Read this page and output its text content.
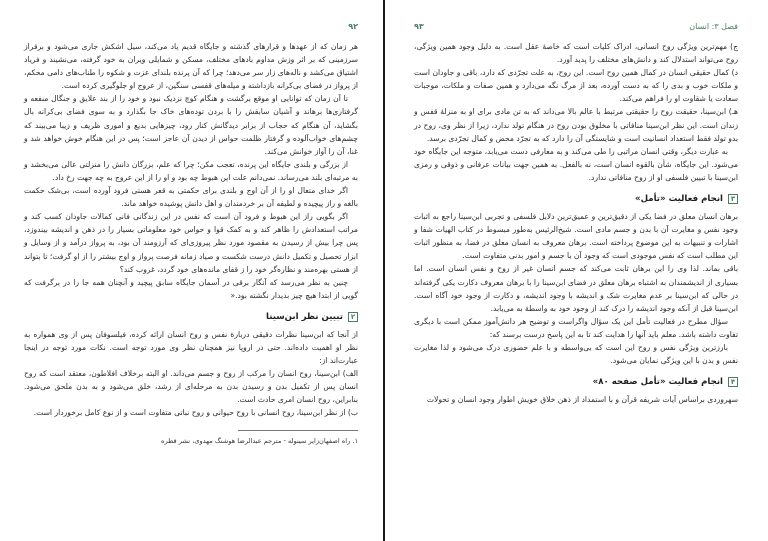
۹۲

هر زمان که از عهدها و قرارهای گذشته و جایگاه قدیم یاد می‌کند، سیل اشکش جاری می‌شود و برفراز سرزمینی که بر اثر وزش مداوم بادهای مختلف، مسکن و شمایلی ویران به خود گرفته، می‌نشیند و فریاد اشتیاق می‌کشد و ناله‌های زار سر می‌دهد؛ چرا که آن پرنده بلندای عزت و شکوه را طناب‌های دامی محکم، از پرواز در فضای بی‌کرانه بازداشته و میله‌های قفسی سنگین، از عروج او جلوگیری کرده است.

تا آن زمان که توانایی او موقع برگشت و هنگام کوچ نزدیک نبود و خود را از بند علایق و جنگال منفعه و گرفتاری‌ها برهاند و آشیان سابقش را با بردن توده‌های خاک جا بگذارد و به سوی فضای بی‌کرانه بال بگشاید، آن هنگام که حجاب از برابر دیدگانش کنار رود، چیزهایی بدیع و اموری ظریف و زیبا می‌بیند که چشم‌های خواب‌آلوده و گرفتار ظلمت حواس از دیدن آن عاجز است؛ پس در این هنگام خوش خواهد شد و غنا، آن را آواز خوانش می‌کند.

از بزرگی و بلندی جایگاه این پرنده، تعجب مکن؛ چرا که علم، بزرگان دانش را منزلتی عالی می‌بخشد و به مرتبه‌ای بلند می‌رساند. نمی‌دانم علت این هبوط چه بود و او را از این عروج به چه جهت رخ داد.

اگر خدای متعال او را از آن اوج و بلندی برای حکمتی به قعر هستی فرود آورده است، بی‌شک حکمت بالغه و راز پیچیده و لطیفه آن بر خردمندان و اهل دانش پوشیده خواهد ماند.

اگر بگویی راز این هبوط و فرود آن است که نفس در این زندگانی فانی کمالات جاودان کسب کند و مراتب استعدادش را ظاهر کند و به کمک قوا و حواس خود معلوماتی بسیار را در ذهن و اندیشه بیندوزد، پس چرا بیش از رسیدن به مقصود مورد نظر پیروزی‌ای که آرزومند آن بود، به پرواز درآمد و از وسایل و ابزار تحصیل و تکمیل دانش درست شکست و صیاد زمانه فرصت پرواز و اوج بیشتر را از او گرفت؛ تا بتواند از هستی بهره‌مند و نظاره‌گر خود را ز قفای مانده‌های خود گردد، غروب کند؟

چنین به نظر می‌رسد که آنگار برقی در آسمان جایگاه سابق پیچید و آنچنان همه جا را در برگرفت که گویی از ابتدا هیچ چیز بدیدار نگشته بود.«

۲
تبیین نظر ابن‌سینا

از آنجا که ابن‌سینا نظرات دقیقی دربارهٔ نفس و روح انسان ارائه کرده، فیلسوفان پس از وی همواره به نظر او اهمیت داده‌اند. حتی در اروپا نیز همچنان نظر وی مورد توجه است. نکات مورد توجه در اینجا عبارت‌اند از:

الف) ابن‌سینا، روح انسان را مرکب از روح و جسم می‌داند. او البته برخلاف افلاطون، معتقد است که روح انسان پس از تکمیل بدن و رسیدن بدن به مرحله‌ای از رشد، خلق می‌شود و به بدن ملحق می‌شود. بنابراین، روح انسان امری حادث است.

ب) از نظر ابن‌سینا، روح انسانی با روح حیوانی و روح نباتی متفاوت است و از نوع کامل برخوردار است.

۱. راه اصفهان‌زایر سینوله - مترجم عبدالرضا هوشنگ مهدوی، نشر قطره

فصل ۳: انسان
۹۳

ج) مهم‌ترین ویژگی روح انسانی، ادراک کلیات است که خاصهٔ عقل است. به دلیل وجود همین ویژگی، روح می‌تواند استدلال کند و دانش‌های مختلف را پدید آورد.

د) کمال حقیقی انسان در کمال همین روح است. این روح، به علت تجرّدی که دارد، باقی و جاودان است و ملکات خوب و بدی را که به دست آورده، بعد از مرگ نگه می‌دارد و همین صفات و ملکات، موجبات سعادت یا شقاوت او را فراهم می‌کند.

هـ) ابن‌سینا، حقیقت روح را حقیقتی مرتبط با عالم بالا می‌داند که به تن مادی برای او به منزلهٔ قفس و زندان است. این نظر ابن‌سینا منافاتی با مخلوق بودن روح در هنگام تولد ندارد، زیرا از نظر وی، روح در بدو تولد فقط استعداد انسانیت است و شایستگی آن را دارد که به تجرّد محض و کمال تجرّدی برسد.

به عبارت دیگر، وقتی انسان مراتبی را طی می‌کند و به معارفی دست می‌یابد، متوجه این جایگاه خود می‌شود. این جایگاه، شأن بالقوه انسان است، نه بالفعل. به همین جهت بیانات عرفانی و ذوقی و رمزی ابن‌سینا با تبیین فلسفی او از روح منافاتی ندارد.

۳
انجام فعالیت «تأمل»

برهان انسان معلق در فضا یکی از دقیق‌ترین و عمیق‌ترین دلایل فلسفی و تجربی ابن‌سینا راجع به اثبات وجود نفس و مغایرت آن با بدن و جسم مادی است. شیخ‌الرئیس به‌طور مبسوط در کتاب الهیات شفا و اشارات و تنبیهات به این موضوع پرداخته است. برهان معروف به انسان معلق در فضا، به منظور اثبات این مطلب است که نفس موجودی است که وجود آن با جسم و امور بدنی متفاوت است.

باقی بماند. لذا وی را این برهان ثابت می‌کند که جسم انسان غیر از روح و نفس انسان است. اما بسیاری از اندیشمندان به اشتباه برهان معلق در فضای ابن‌سینا را با برهان معروف دکارت یکی گرفته‌اند در حالی که ابن‌سینا بر عدم مغایرت شک و اندیشه با وجود اندیشه، و دکارت از وجود خود آگاه است. ابن‌سینا قبل از آنکه وجود اندیشه را درک کند از وجود خود به واسطهٔ به می‌یابد.

سؤال مطرح در فعالیت تأمل این یک سؤال واگراست و توضیح هر دانش‌آموز ممکن است با دیگری تفاوت داشته باشد. معلم باید آنها را هدایت کند تا به این پاسخ درست برسند که:

بارزترین ویژگی نفس و روح این است که بی‌واسطه و با علم حضوری درک می‌شود و لذا مغایرت نفس و بدن با این ویژگی نمایان می‌شود.

۴
انجام فعالیت «تأمل صفحه ۸۰»

سهروردی براساس آیات شریفه قرآن و با استمداد از ذهن خلاق خویش اطوار وجود انسان و تحولات
